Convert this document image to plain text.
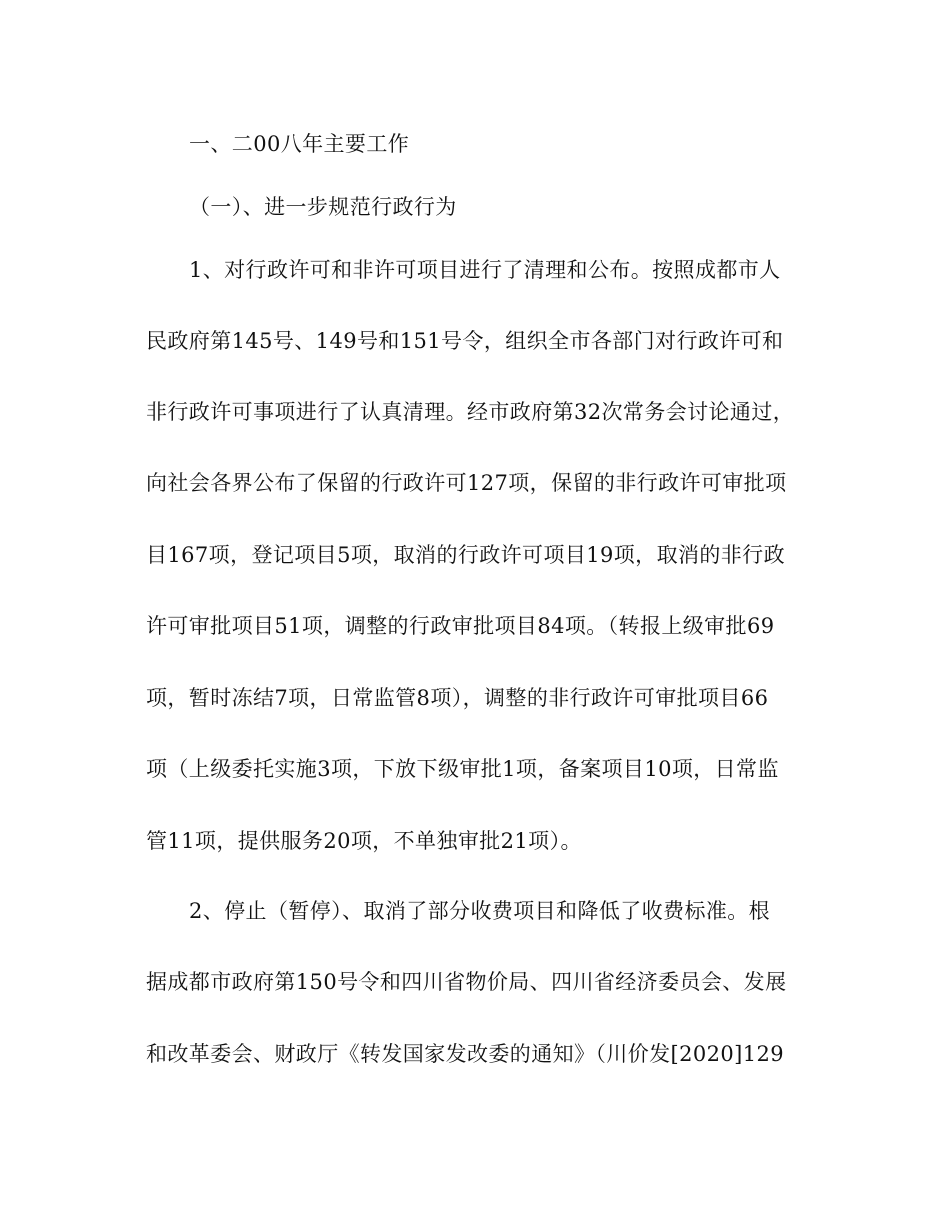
一、二00八年主要工作
（一）、进一步规范行政行为
1、对行政许可和非许可项目进行了清理和公布。按照成都市人
民政府第145号、149号和151号令，组织全市各部门对行政许可和
非行政许可事项进行了认真清理。经市政府第32次常务会讨论通过，
向社会各界公布了保留的行政许可127项，保留的非行政许可审批项
目167项，登记项目5项，取消的行政许可项目19项，取消的非行政
许可审批项目51项，调整的行政审批项目84项。（转报上级审批69
项，暂时冻结7项，日常监管8项），调整的非行政许可审批项目66
项（上级委托实施3项，下放下级审批1项，备案项目10项，日常监
管11项，提供服务20项，不单独审批21项）。
2、停止（暂停）、取消了部分收费项目和降低了收费标准。根
据成都市政府第150号令和四川省物价局、四川省经济委员会、发展
和改革委会、财政厅《转发国家发改委的通知》（川价发[2020]129
